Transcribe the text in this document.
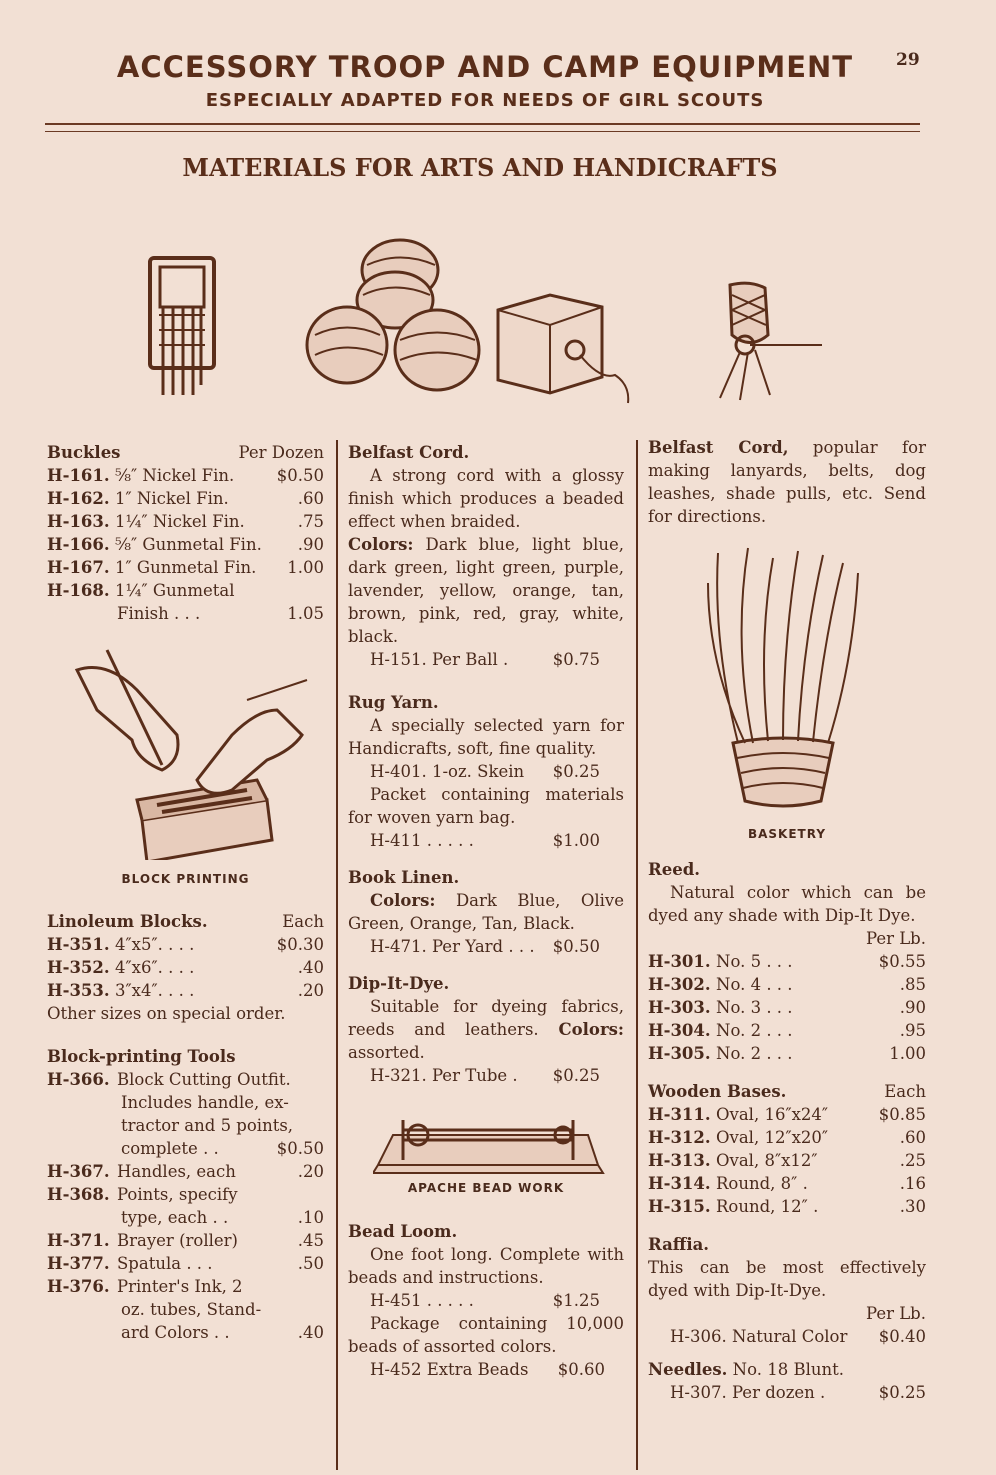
ACCESSORY TROOP AND CAMP EQUIPMENT
ESPECIALLY ADAPTED FOR NEEDS OF GIRL SCOUTS
29
MATERIALS FOR ARTS AND HANDICRAFTS
Buckles	Per Dozen
H-161. ⅝″ Nickel Fin.	$0.50
H-162. 1″ Nickel Fin.	.60
H-163. 1¼″ Nickel Fin.	.75
H-166. ⅝″ Gunmetal Fin. .90
H-167. 1″ Gunmetal Fin. 1.00
H-168. 1¼″ Gunmetal
Finish . . .	1.05
BLOCK PRINTING
Linoleum Blocks.	Each
H-351. 4″x5″. . . .	$0.30
H-352. 4″x6″. . . .	.40
H-353. 3″x4″. . . .	.20

Other sizes on special order.

Block-printing Tools

H-366. Block Cutting Outfit.
Includes handle, ex-
tractor and 5 points,
complete . .	$0.50
H-367. Handles, each	.20
H-368. Points, specify
type, each . .	.10
H-371. Brayer (roller)	.45
H-377. Spatula . . .	.50
H-376. Printer's Ink, 2
oz. tubes, Stand-
ard Colors . .	.40

Belfast Cord.

A strong cord with a glossy finish which produces a beaded effect when braided.

Colors: Dark blue, light blue, dark green, light green, purple, lavender, yellow, orange, tan, brown, pink, red, gray, white, black.

H-151. Per Ball .	$0.75

Rug Yarn.

A specially selected yarn for Handicrafts, soft, fine quality.

H-401. 1-oz. Skein $0.25

Packet containing materials for woven yarn bag.

H-411 . . . . .	$1.00

Book Linen.

Colors: Dark Blue, Olive Green, Orange, Tan, Black.

H-471. Per Yard . . . $0.50

Dip-It-Dye.

Suitable for dyeing fabrics, reeds and leathers. Colors: assorted.

H-321. Per Tube . $0.25
APACHE BEAD WORK

Bead Loom.

One foot long. Complete with beads and instructions.

H-451 . . . . .	$1.25

Package containing 10,000 beads of assorted colors.

H-452 Extra Beads $0.60

Belfast Cord, popular for making lanyards, belts, dog leashes, shade pulls, etc. Send for directions.

BASKETRY

Reed.

Natural color which can be dyed any shade with Dip-It Dye.

Per Lb.

H-301. No. 5 . . .	$0.55
H-302. No. 4 . . .	.85
H-303. No. 3 . . .	.90
H-304. No. 2 . . .	.95
H-305. No. 2 . . .	1.00
Wooden Bases.	Each
H-311. Oval, 16″x24″	$0.85
H-312. Oval, 12″x20″	.60
H-313. Oval, 8″x12″	.25
H-314. Round, 8″ .	.16
H-315. Round, 12″ .	.30

Raffia.

This can be most effectively dyed with Dip-It-Dye.

Per Lb.

H-306. Natural Color $0.40

Needles. No. 18 Blunt.

H-307. Per dozen .	$0.25
